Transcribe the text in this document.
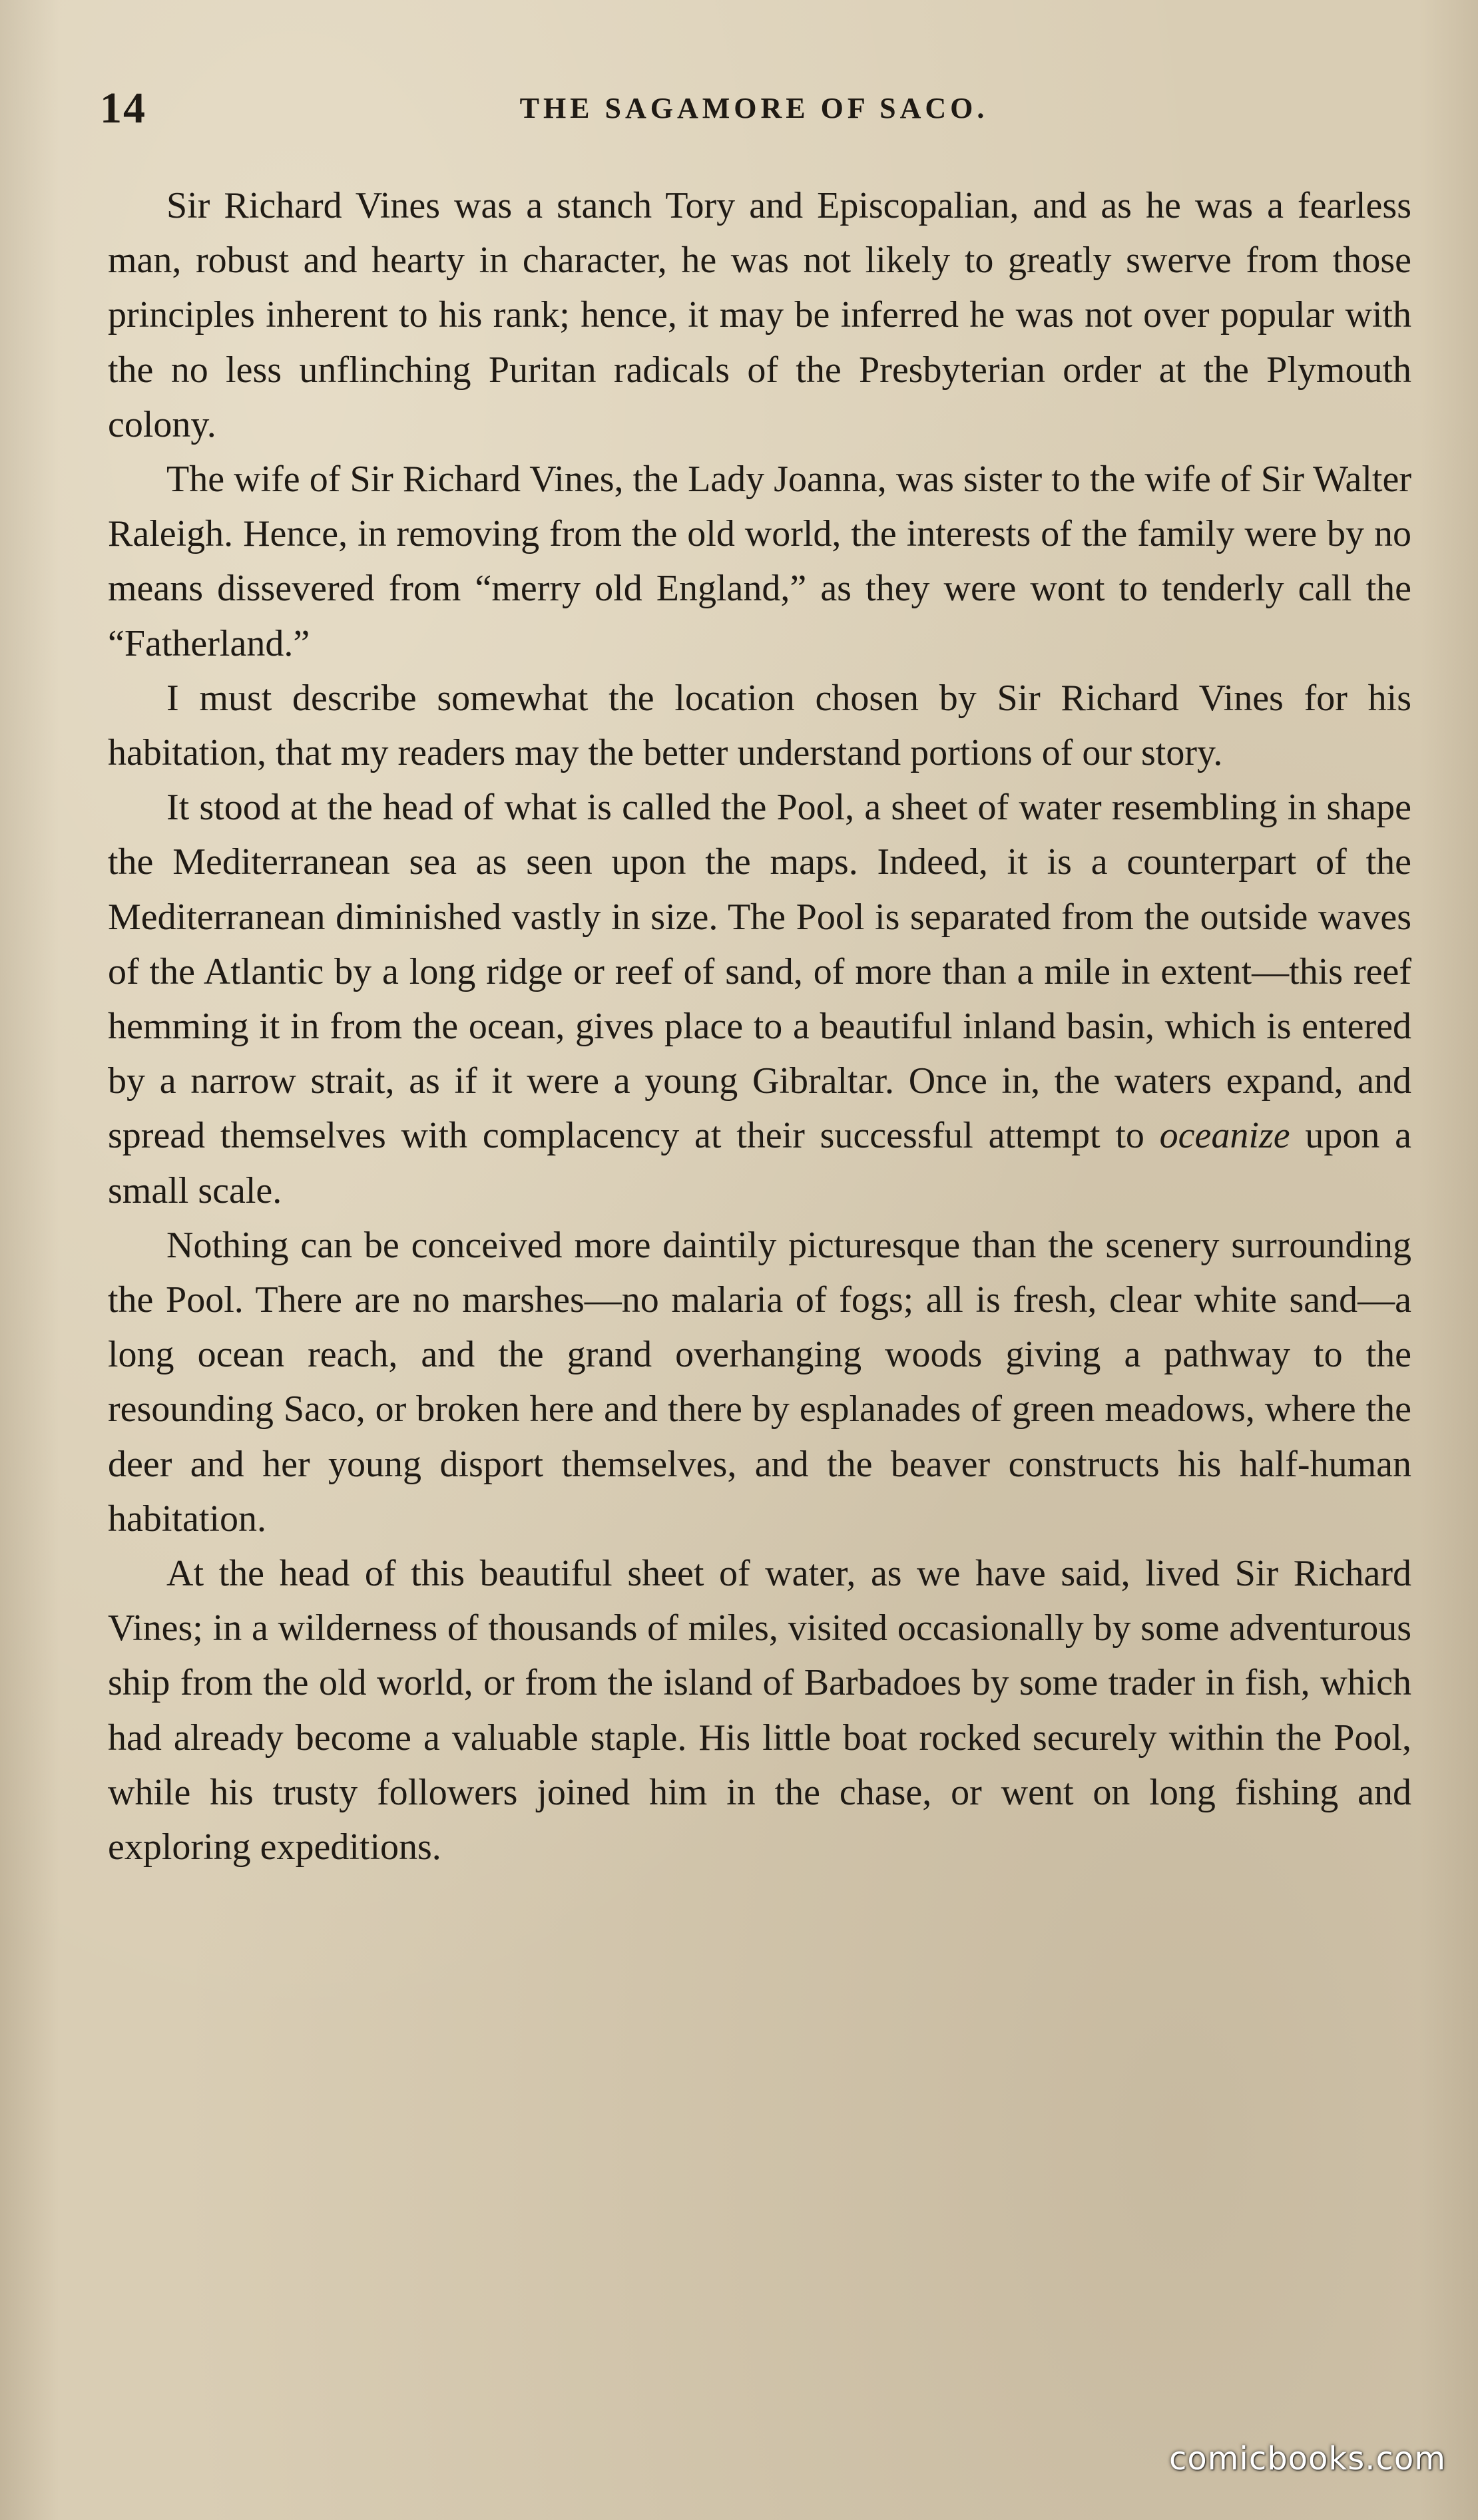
14	THE SAGAMORE OF SACO.

Sir Richard Vines was a stanch Tory and Episcopalian, and as he was a fearless man, robust and hearty in character, he was not likely to greatly swerve from those principles inherent to his rank; hence, it may be inferred he was not over popular with the no less unflinching Puritan radicals of the Presbyterian order at the Plymouth colony.

The wife of Sir Richard Vines, the Lady Joanna, was sister to the wife of Sir Walter Raleigh. Hence, in removing from the old world, the interests of the family were by no means dissevered from “merry old England,” as they were wont to tenderly call the “Fatherland.”

I must describe somewhat the location chosen by Sir Richard Vines for his habitation, that my readers may the better understand portions of our story.

It stood at the head of what is called the Pool, a sheet of water resembling in shape the Mediterranean sea as seen upon the maps. Indeed, it is a counterpart of the Mediterranean diminished vastly in size. The Pool is separated from the outside waves of the Atlantic by a long ridge or reef of sand, of more than a mile in extent—this reef hemming it in from the ocean, gives place to a beautiful inland basin, which is entered by a narrow strait, as if it were a young Gibraltar. Once in, the waters expand, and spread themselves with complacency at their successful attempt to oceanize upon a small scale.

Nothing can be conceived more daintily picturesque than the scenery surrounding the Pool. There are no marshes—no malaria of fogs; all is fresh, clear white sand—a long ocean reach, and the grand overhanging woods giving a pathway to the resounding Saco, or broken here and there by esplanades of green meadows, where the deer and her young disport themselves, and the beaver constructs his half-human habitation.

At the head of this beautiful sheet of water, as we have said, lived Sir Richard Vines; in a wilderness of thousands of miles, visited occasionally by some adventurous ship from the old world, or from the island of Barbadoes by some trader in fish, which had already become a valuable staple. His little boat rocked securely within the Pool, while his trusty followers joined him in the chase, or went on long fishing and exploring expeditions.

comicbooks.com
